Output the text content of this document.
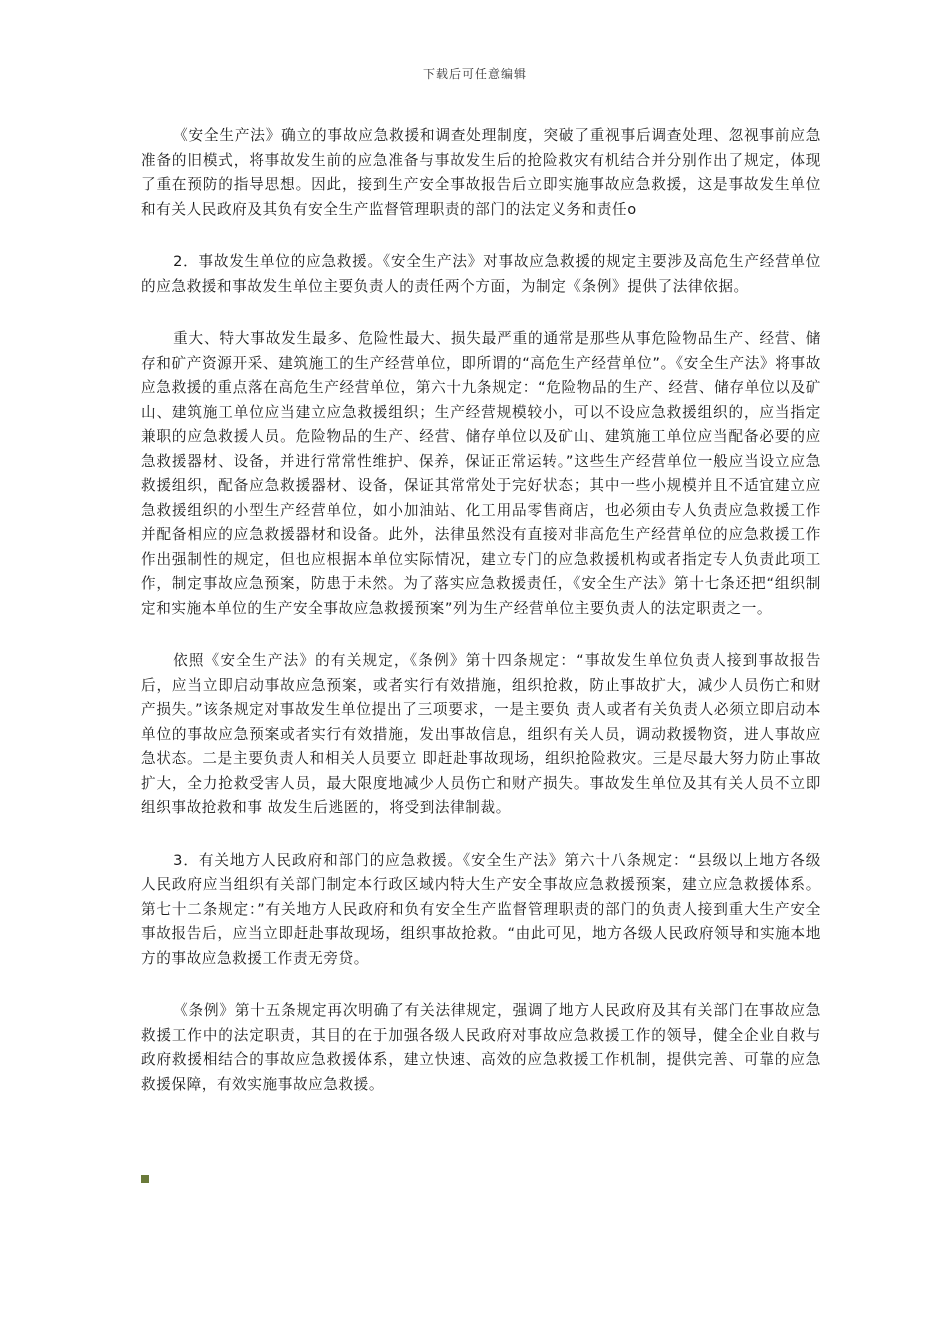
下载后可任意编辑

《安全生产法》确立的事故应急救援和调查处理制度，突破了重视事后调查处理、忽视事前应急准备的旧模式，将事故发生前的应急准备与事故发生后的抢险救灾有机结合并分别作出了规定，体现了重在预防的指导思想。因此，接到生产安全事故报告后立即实施事故应急救援，这是事故发生单位和有关人民政府及其负有安全生产监督管理职责的部门的法定义务和责任o

2．事故发生单位的应急救援。《安全生产法》对事故应急救援的规定主要涉及高危生产经营单位的应急救援和事故发生单位主要负责人的责任两个方面，为制定《条例》提供了法律依据。

重大、特大事故发生最多、危险性最大、损失最严重的通常是那些从事危险物品生产、经营、储存和矿产资源开采、建筑施工的生产经营单位，即所谓的“高危生产经营单位”。《安全生产法》将事故应急救援的重点落在高危生产经营单位，第六十九条规定：“危险物品的生产、经营、储存单位以及矿山、建筑施工单位应当建立应急救援组织；生产经营规模较小，可以不设应急救援组织的，应当指定兼职的应急救援人员。危险物品的生产、经营、储存单位以及矿山、建筑施工单位应当配备必要的应急救援器材、设备，并进行常常性维护、保养，保证正常运转。”这些生产经营单位一般应当设立应急救援组织，配备应急救援器材、设备，保证其常常处于完好状态；其中一些小规模并且不适宜建立应急救援组织的小型生产经营单位，如小加油站、化工用品零售商店，也必须由专人负责应急救援工作并配备相应的应急救援器材和设备。此外，法律虽然没有直接对非高危生产经营单位的应急救援工作作出强制性的规定，但也应根据本单位实际情况，建立专门的应急救援机构或者指定专人负责此项工作，制定事故应急预案，防患于未然。为了落实应急救援责任，《安全生产法》第十七条还把“组织制定和实施本单位的生产安全事故应急救援预案”列为生产经营单位主要负责人的法定职责之一。

依照《安全生产法》的有关规定，《条例》第十四条规定：“事故发生单位负责人接到事故报告后，应当立即启动事故应急预案，或者实行有效措施，组织抢救，防止事故扩大，减少人员伤亡和财产损失。”该条规定对事故发生单位提出了三项要求，一是主要负 责人或者有关负责人必须立即启动本单位的事故应急预案或者实行有效措施，发出事故信息，组织有关人员，调动救援物资，进人事故应急状态。二是主要负责人和相关人员要立 即赶赴事故现场，组织抢险救灾。三是尽最大努力防止事故扩大，全力抢救受害人员，最大限度地减少人员伤亡和财产损失。事故发生单位及其有关人员不立即组织事故抢救和事 故发生后逃匿的，将受到法律制裁。

3．有关地方人民政府和部门的应急救援。《安全生产法》第六十八条规定：“县级以上地方各级人民政府应当组织有关部门制定本行政区域内特大生产安全事故应急救援预案，建立应急救援体系。第七十二条规定：”有关地方人民政府和负有安全生产监督管理职责的部门的负责人接到重大生产安全事故报告后，应当立即赶赴事故现场，组织事故抢救。“由此可见，地方各级人民政府领导和实施本地方的事故应急救援工作责无旁贷。

《条例》第十五条规定再次明确了有关法律规定，强调了地方人民政府及其有关部门在事故应急救援工作中的法定职责，其目的在于加强各级人民政府对事故应急救援工作的领导，健全企业自救与政府救援相结合的事故应急救援体系，建立快速、高效的应急救援工作机制，提供完善、可靠的应急救援保障，有效实施事故应急救援。
